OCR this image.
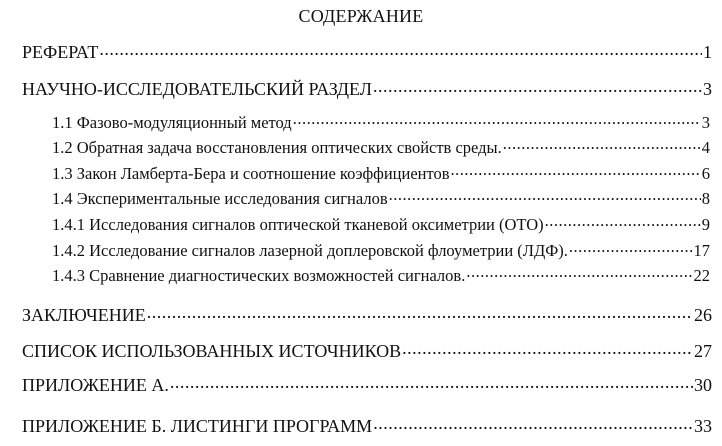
СОДЕРЖАНИЕ
РЕФЕРАТ .....	1
НАУЧНО-ИССЛЕДОВАТЕЛЬСКИЙ РАЗДЕЛ .....	3
1.1 Фазово-модуляционный метод .....	3
1.2 Обратная задача восстановления оптических свойств среды. .....	4
1.3 Закон Ламберта-Бера и соотношение коэффициентов .....	6
1.4 Экспериментальные исследования сигналов .....	8
1.4.1 Исследования сигналов оптической тканевой оксиметрии (ОТО) .....	9
1.4.2 Исследование сигналов лазерной доплеровской флоуметрии (ЛДФ). .....	17
1.4.3 Сравнение диагностических возможностей сигналов. .....	22
ЗАКЛЮЧЕНИЕ .....	26
СПИСОК ИСПОЛЬЗОВАННЫХ ИСТОЧНИКОВ .....	27
ПРИЛОЖЕНИЕ А. .....	30
ПРИЛОЖЕНИЕ Б. ЛИСТИНГИ ПРОГРАММ .....	33
